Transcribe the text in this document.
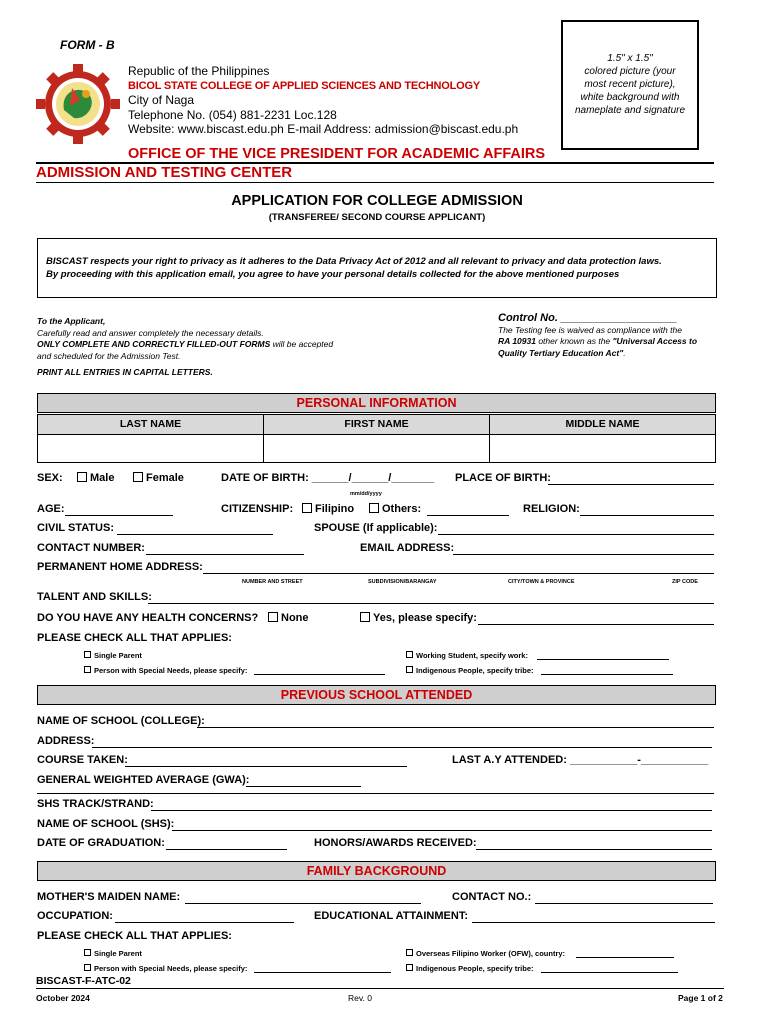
FORM - B
1.5" x 1.5"
colored picture (your
most recent picture),
white background with
nameplate and signature
Republic of the Philippines
BICOL STATE COLLEGE OF APPLIED SCIENCES AND TECHNOLOGY
City of Naga
Telephone No. (054) 881-2231 Loc.128
Website: www.biscast.edu.ph E-mail Address: admission@biscast.edu.ph
OFFICE OF THE VICE PRESIDENT FOR ACADEMIC AFFAIRS
ADMISSION AND TESTING CENTER
APPLICATION FOR COLLEGE ADMISSION
(TRANSFEREE/ SECOND COURSE APPLICANT)
BISCAST respects your right to privacy as it adheres to the Data Privacy Act of 2012 and all relevant to privacy and data protection laws.
By proceeding with this application email, you agree to have your personal details collected for the above mentioned purposes
To the Applicant,
Carefully read and answer completely the necessary details.
ONLY COMPLETE AND CORRECTLY FILLED-OUT FORMS will be accepted
and scheduled for the Admission Test.
PRINT ALL ENTRIES IN CAPITAL LETTERS.
Control No. ___________________
The Testing fee is waived as compliance with the
RA 10931 other known as the "Universal Access to
Quality Tertiary Education Act".
PERSONAL INFORMATION
LAST NAME	FIRST NAME	MIDDLE NAME
SEX:	Male	Female	DATE OF BIRTH: ______/______/_______
mm/dd/yyyy
PLACE OF BIRTH:
AGE:	CITIZENSHIP:	Filipino	Others:	RELIGION:
CIVIL STATUS:	SPOUSE (If applicable):
CONTACT NUMBER:	EMAIL ADDRESS:
PERMANENT HOME ADDRESS:
NUMBER AND STREET	SUBDIVISION/BARANGAY	CITY/TOWN & PROVINCE	ZIP CODE
TALENT AND SKILLS:
DO YOU HAVE ANY HEALTH CONCERNS?	None	Yes, please specify:
PLEASE CHECK ALL THAT APPLIES:
Single Parent	Working Student, specify work:
Person with Special Needs, please specify:	Indigenous People, specify tribe:
PREVIOUS SCHOOL ATTENDED
NAME OF SCHOOL (COLLEGE):
ADDRESS:
COURSE TAKEN:	LAST A.Y ATTENDED: ___________-___________
GENERAL WEIGHTED AVERAGE (GWA):
SHS TRACK/STRAND:
NAME OF SCHOOL (SHS):
DATE OF GRADUATION:	HONORS/AWARDS RECEIVED:
FAMILY BACKGROUND
MOTHER'S MAIDEN NAME:	CONTACT NO.:
OCCUPATION:	EDUCATIONAL ATTAINMENT:
PLEASE CHECK ALL THAT APPLIES:
Single Parent	Overseas Filipino Worker (OFW), country:
Person with Special Needs, please specify:	Indigenous People, specify tribe:
BISCAST-F-ATC-02
October 2024	Rev. 0	Page 1 of 2
